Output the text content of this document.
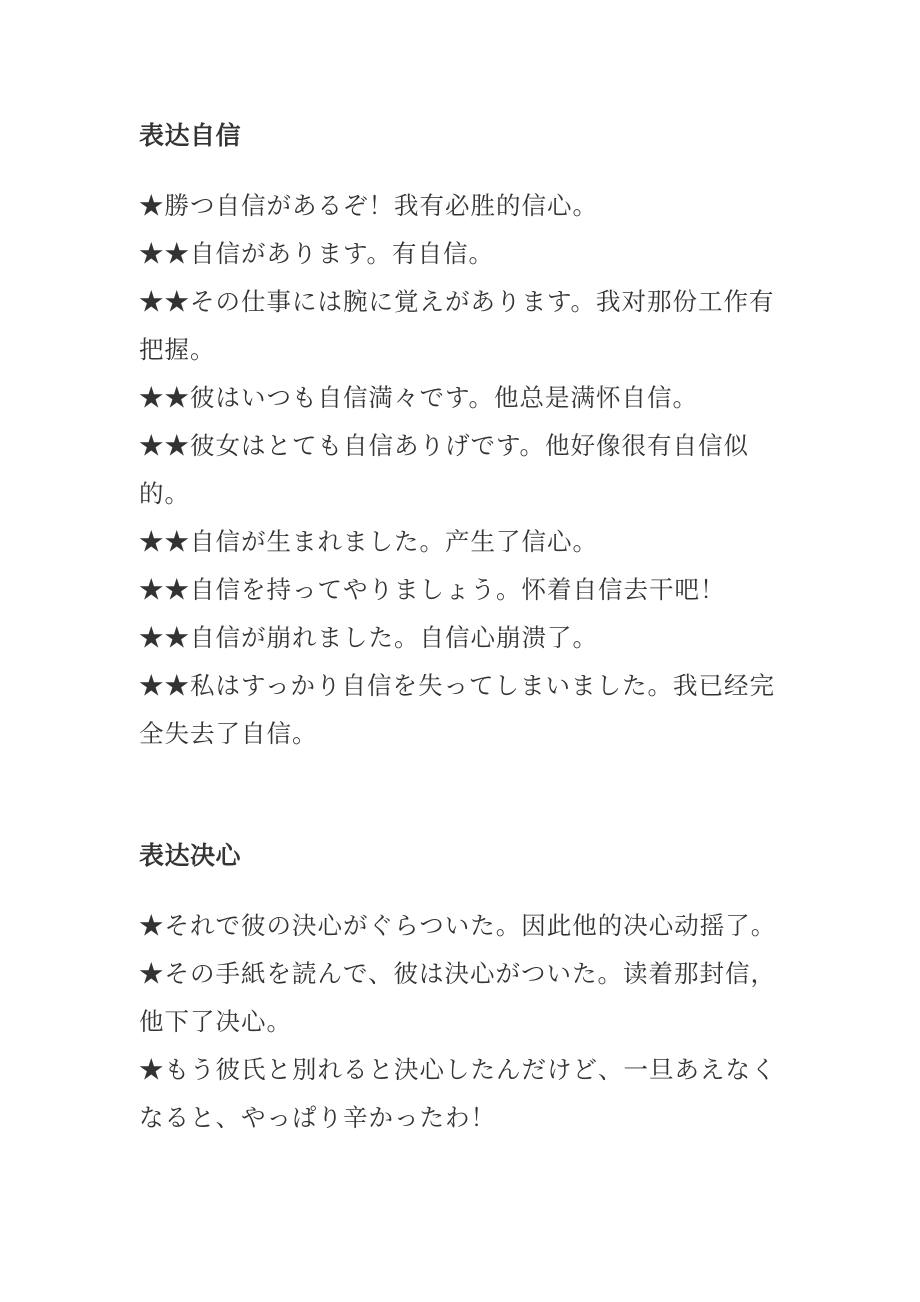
表达自信
★勝つ自信があるぞ！我有必胜的信心。
★★自信があります。有自信。
★★その仕事には腕に覚えがあります。我对那份工作有把握。
★★彼はいつも自信満々です。他总是满怀自信。
★★彼女はとても自信ありげです。他好像很有自信似的。
★★自信が生まれました。产生了信心。
★★自信を持ってやりましょう。怀着自信去干吧！
★★自信が崩れました。自信心崩溃了。
★★私はすっかり自信を失ってしまいました。我已经完全失去了自信。
表达决心
★それで彼の決心がぐらついた。因此他的决心动摇了。
★その手紙を読んで、彼は決心がついた。读着那封信，他下了决心。
★もう彼氏と別れると決心したんだけど、一旦あえなくなると、やっぱり辛かったわ！
